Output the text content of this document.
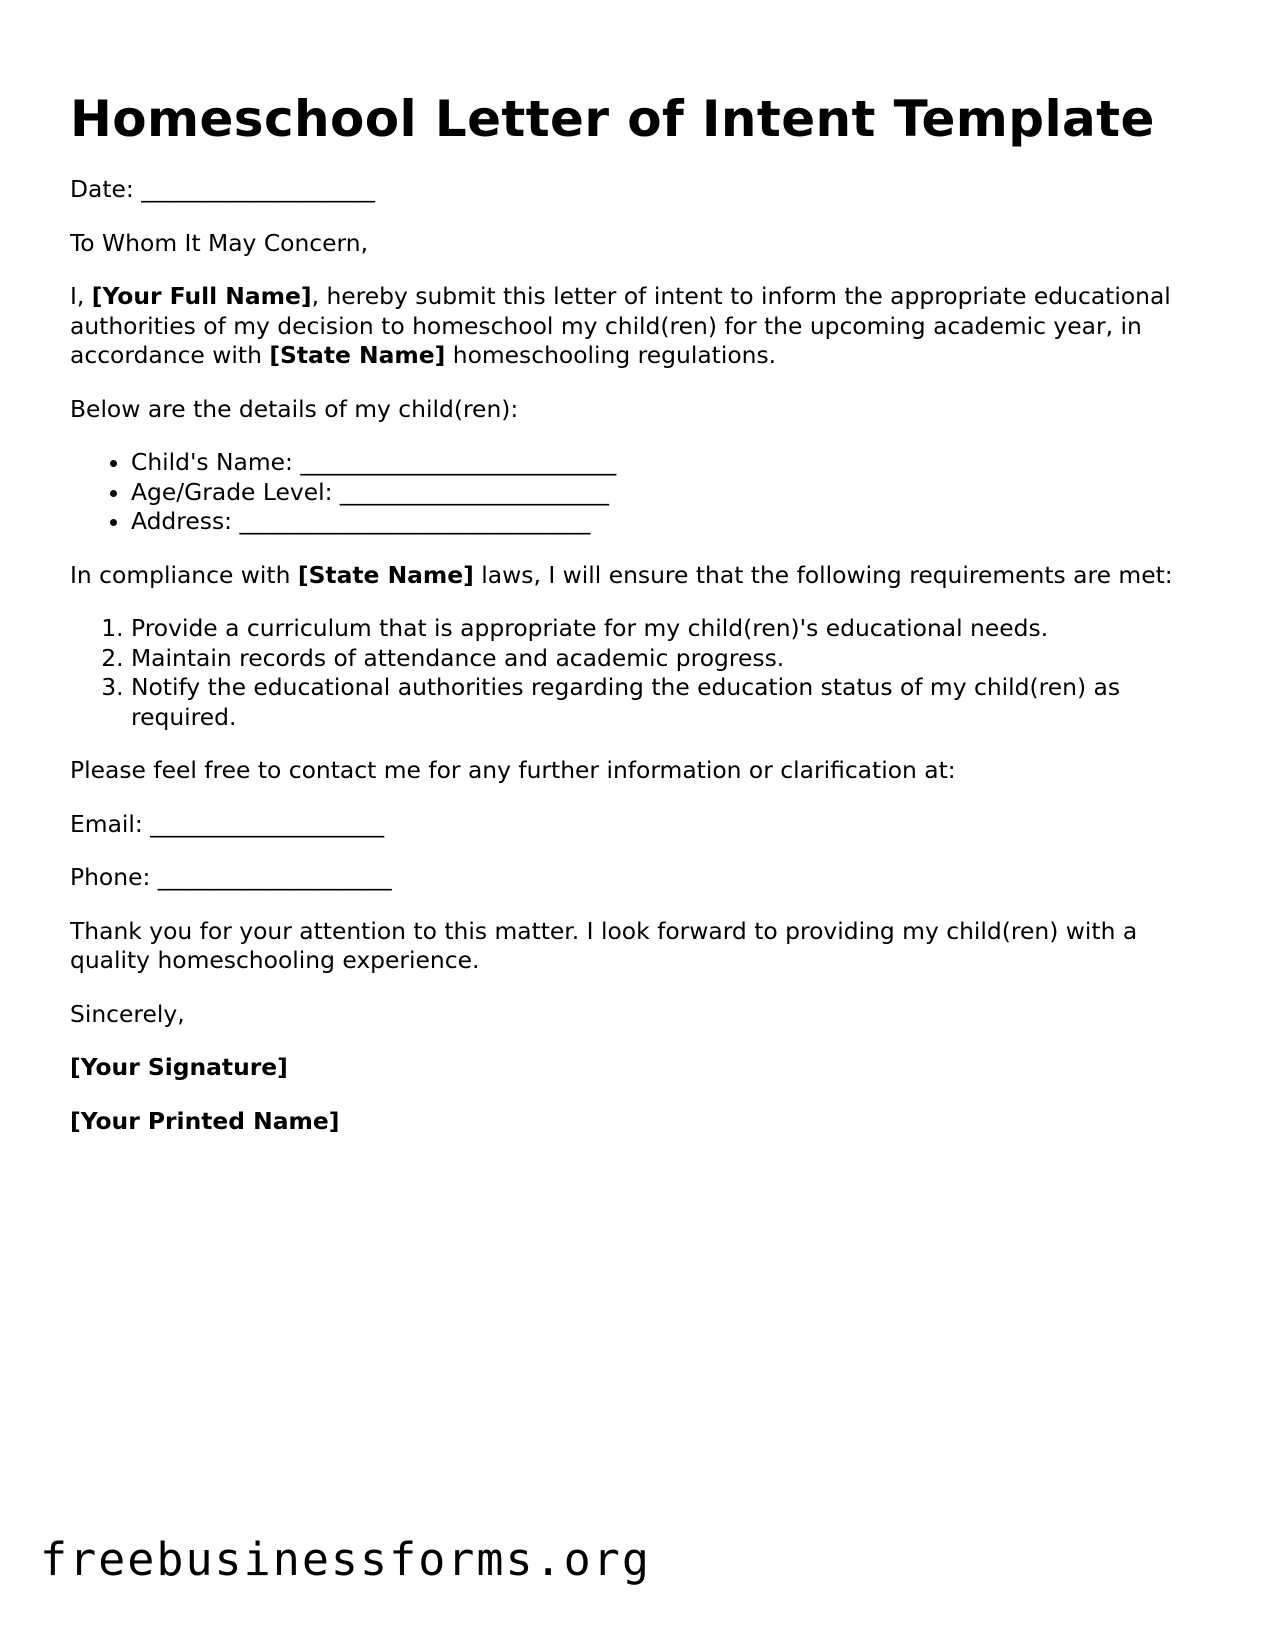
Homeschool Letter of Intent Template

Date: ____________________

To Whom It May Concern,

I, [Your Full Name], hereby submit this letter of intent to inform the appropriate educational authorities of my decision to homeschool my child(ren) for the upcoming academic year, in accordance with [State Name] homeschooling regulations.

Below are the details of my child(ren):

• Child's Name: ___________________________
• Age/Grade Level: _______________________
• Address: ______________________________

In compliance with [State Name] laws, I will ensure that the following requirements are met:

1. Provide a curriculum that is appropriate for my child(ren)'s educational needs.
2. Maintain records of attendance and academic progress.
3. Notify the educational authorities regarding the education status of my child(ren) as required.

Please feel free to contact me for any further information or clarification at:

Email: ____________________

Phone: ____________________

Thank you for your attention to this matter. I look forward to providing my child(ren) with a quality homeschooling experience.

Sincerely,

[Your Signature]

[Your Printed Name]

freebusinessforms.org
